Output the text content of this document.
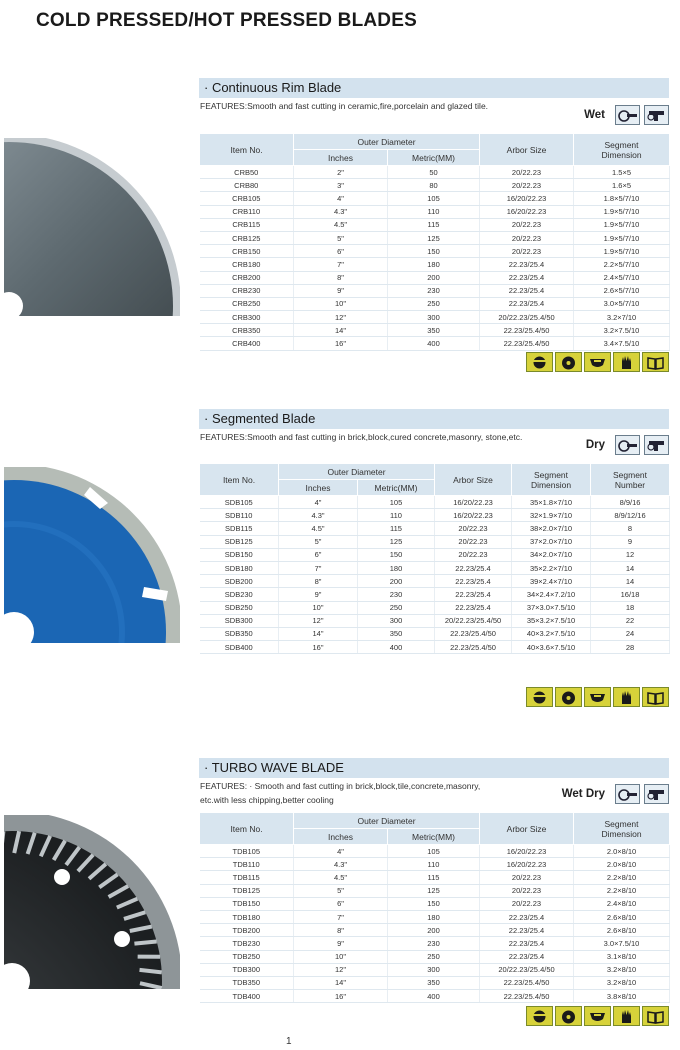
COLD PRESSED/HOT PRESSED BLADES
· Continuous Rim Blade
FEATURES:Smooth and fast cutting in ceramic,fire,porcelain and glazed tile.
Wet
Item No.	Outer Diameter		Arbor Size	Segment
Dimension
	Inches	Metric(MM)		
CRB50	2"	50	20/22.23	1.5×5
CRB80	3"	80	20/22.23	1.6×5
CRB105	4"	105	16/20/22.23	1.8×5/7/10
CRB110	4.3"	110	16/20/22.23	1.9×5/7/10
CRB115	4.5"	115	20/22.23	1.9×5/7/10
CRB125	5"	125	20/22.23	1.9×5/7/10
CRB150	6"	150	20/22.23	1.9×5/7/10
CRB180	7"	180	22.23/25.4	2.2×5/7/10
CRB200	8"	200	22.23/25.4	2.4×5/7/10
CRB230	9"	230	22.23/25.4	2.6×5/7/10
CRB250	10"	250	22.23/25.4	3.0×5/7/10
CRB300	12"	300	20/22.23/25.4/50	3.2×7/10
CRB350	14"	350	22.23/25.4/50	3.2×7.5/10
CRB400	16"	400	22.23/25.4/50	3.4×7.5/10
· Segmented Blade
FEATURES:Smooth and fast cutting in brick,block,cured concrete,masonry, stone,etc.
Dry
Item No.	Outer Diameter		Arbor Size	Segment
Dimension	Segment
Number
	Inches	Metric(MM)			
SDB105	4"	105	16/20/22.23	35×1.8×7/10	8/9/16
SDB110	4.3"	110	16/20/22.23	32×1.9×7/10	8/9/12/16
SDB115	4.5"	115	20/22.23	38×2.0×7/10	8
SDB125	5"	125	20/22.23	37×2.0×7/10	9
SDB150	6"	150	20/22.23	34×2.0×7/10	12
SDB180	7"	180	22.23/25.4	35×2.2×7/10	14
SDB200	8"	200	22.23/25.4	39×2.4×7/10	14
SDB230	9"	230	22.23/25.4	34×2.4×7.2/10	16/18
SDB250	10"	250	22.23/25.4	37×3.0×7.5/10	18
SDB300	12"	300	20/22.23/25.4/50	35×3.2×7.5/10	22
SDB350	14"	350	22.23/25.4/50	40×3.2×7.5/10	24
SDB400	16"	400	22.23/25.4/50	40×3.6×7.5/10	28
· TURBO WAVE BLADE
FEATURES: · Smooth and fast cutting in brick,block,tile,concrete,masonry,
etc.with less chipping,better cooling	Wet Dry
Item No.	Outer Diameter		Arbor Size	Segment
Dimension
	Inches	Metric(MM)		
TDB105	4"	105	16/20/22.23	2.0×8/10
TDB110	4.3"	110	16/20/22.23	2.0×8/10
TDB115	4.5"	115	20/22.23	2.2×8/10
TDB125	5"	125	20/22.23	2.2×8/10
TDB150	6"	150	20/22.23	2.4×8/10
TDB180	7"	180	22.23/25.4	2.6×8/10
TDB200	8"	200	22.23/25.4	2.6×8/10
TDB230	9"	230	22.23/25.4	3.0×7.5/10
TDB250	10"	250	22.23/25.4	3.1×8/10
TDB300	12"	300	20/22.23/25.4/50	3.2×8/10
TDB350	14"	350	22.23/25.4/50	3.2×8/10
TDB400	16"	400	22.23/25.4/50	3.8×8/10
1
